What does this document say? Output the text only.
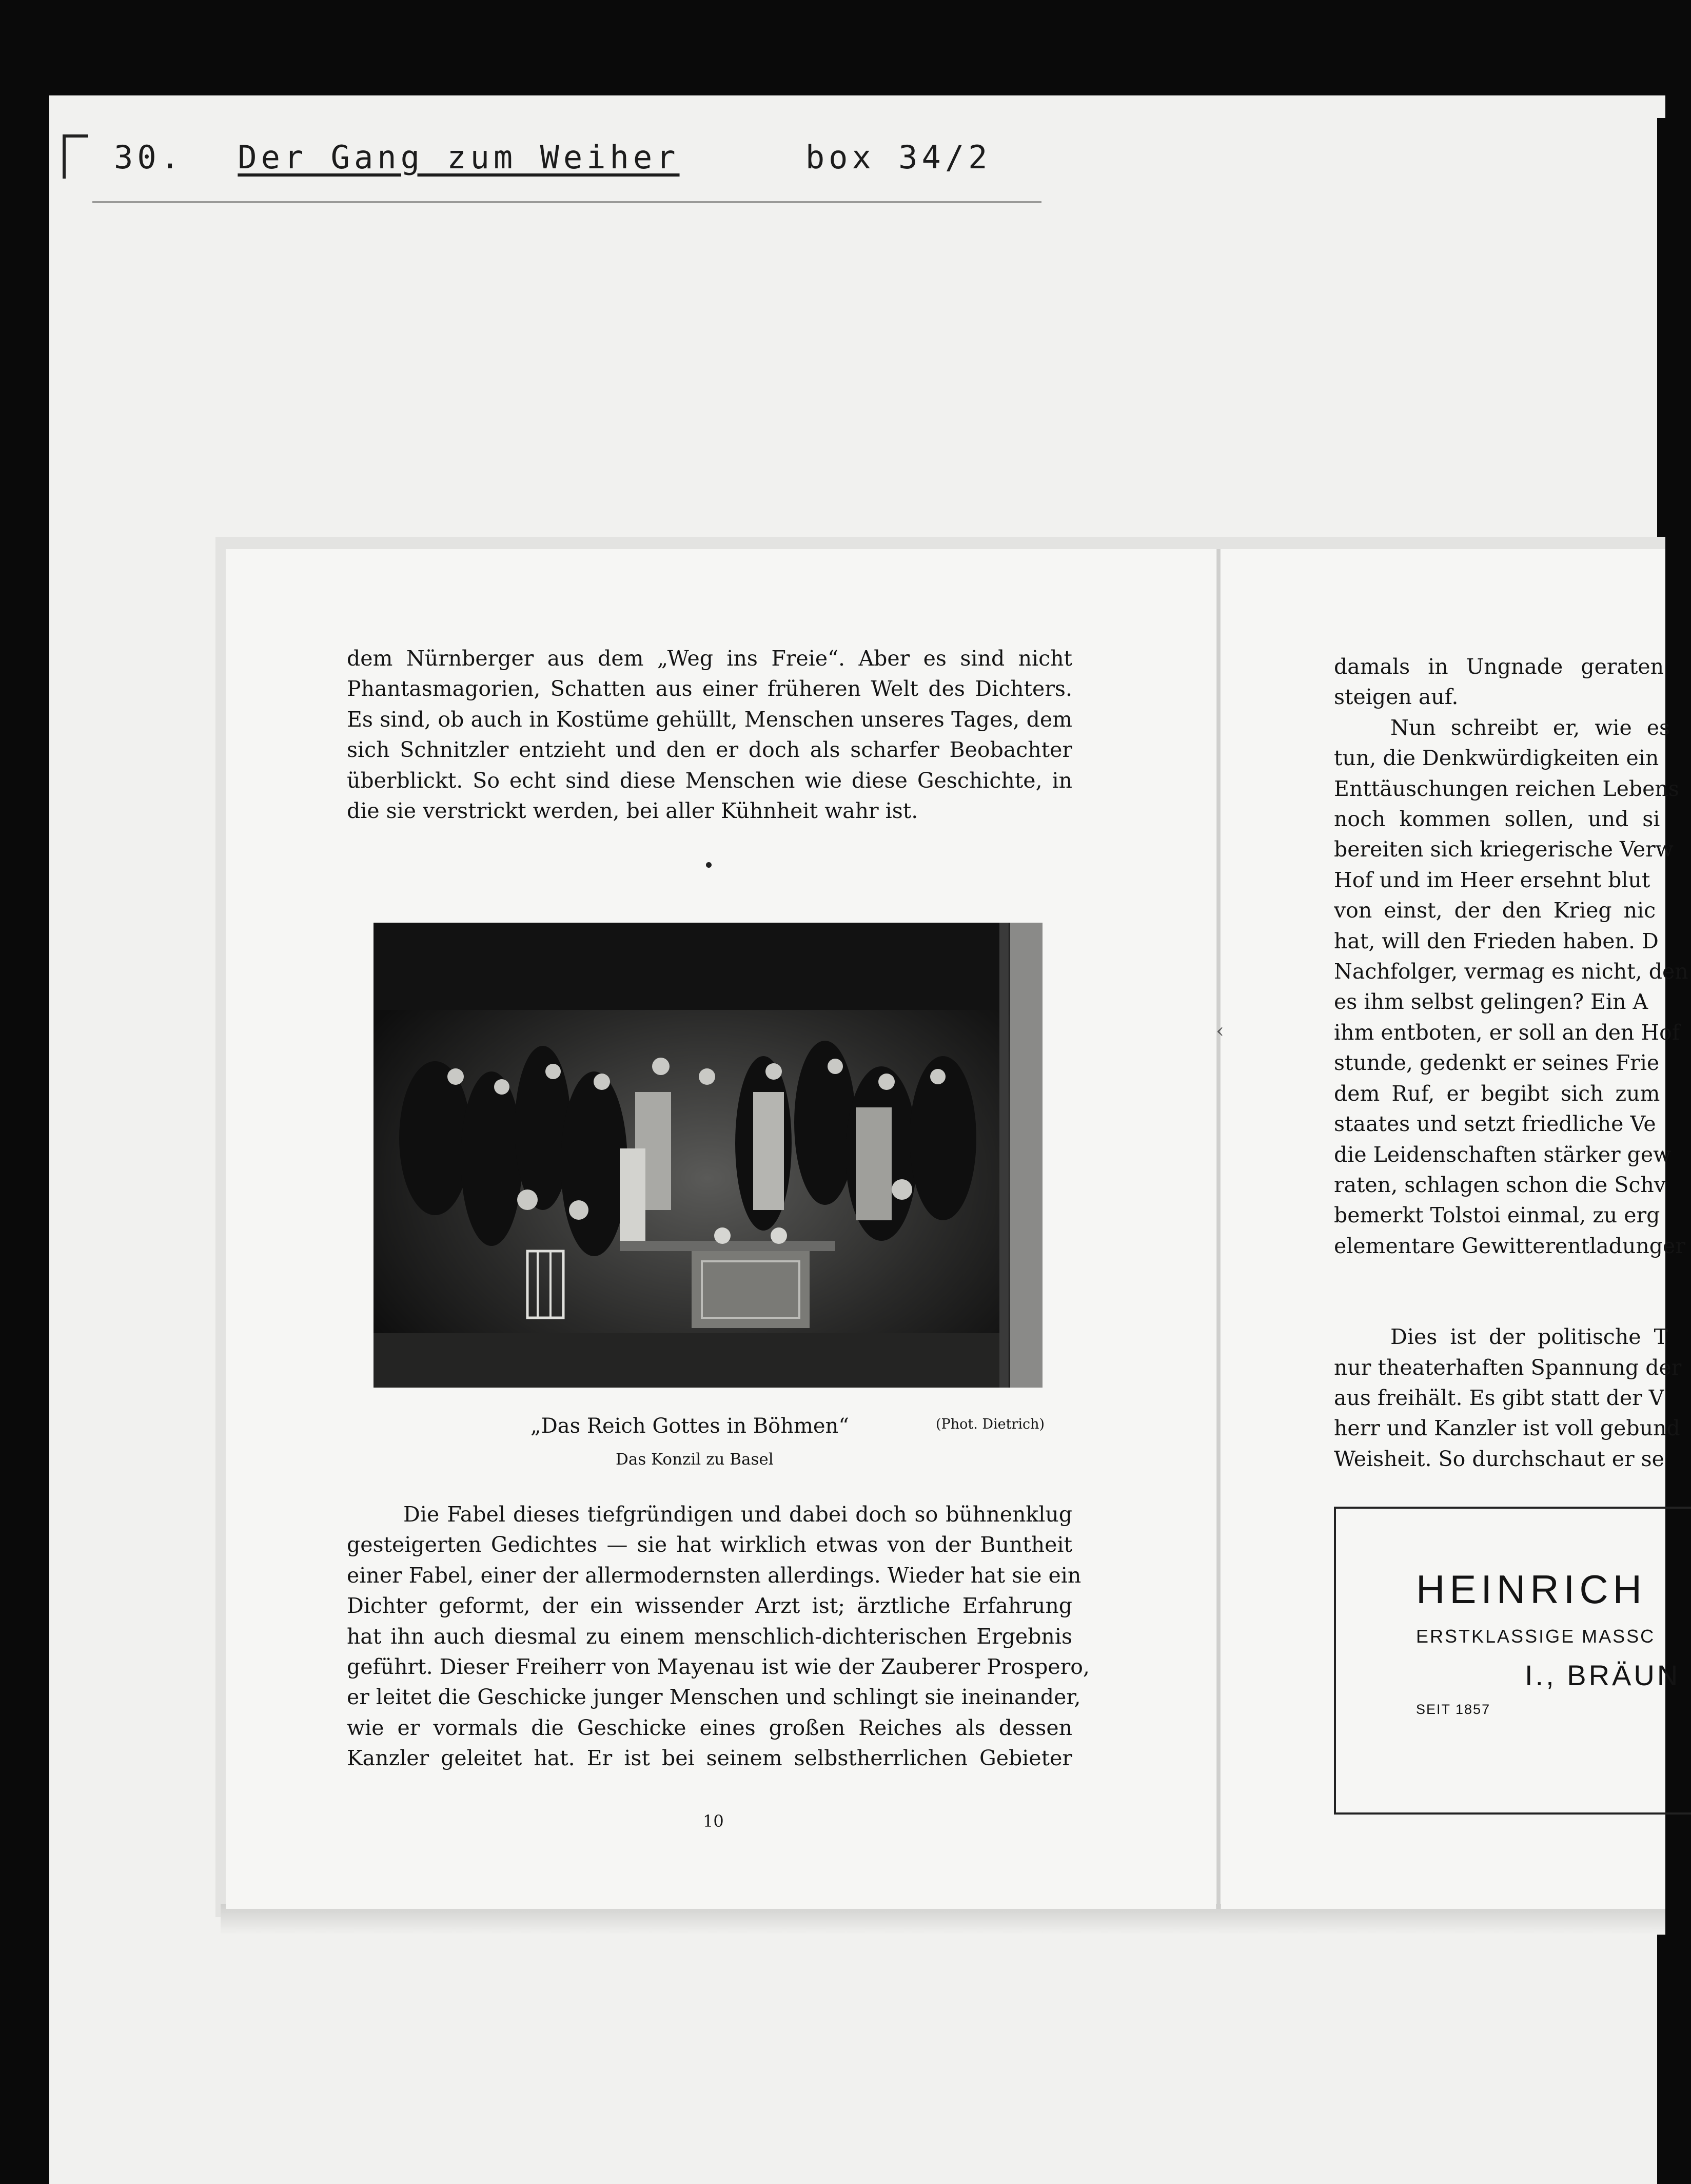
30. Der Gang zum Weiher	box 34/2
dem Nürnberger aus dem „Weg ins Freie“. Aber es sind nicht
Phantasmagorien, Schatten aus einer früheren Welt des Dichters.
Es sind, ob auch in Kostüme gehüllt, Menschen unseres Tages, dem
sich Schnitzler entzieht und den er doch als scharfer Beobachter
überblickt. So echt sind diese Menschen wie diese Geschichte, in
die sie verstrickt werden, bei aller Kühnheit wahr ist.
„Das Reich Gottes in Böhmen“	(Phot. Dietrich)
Das Konzil zu Basel
Die Fabel dieses tiefgründigen und dabei doch so bühnenklug
gesteigerten Gedichtes — sie hat wirklich etwas von der Buntheit
einer Fabel, einer der allermodernsten allerdings. Wieder hat sie ein
Dichter geformt, der ein wissender Arzt ist; ärztliche Erfahrung
hat ihn auch diesmal zu einem menschlich-dichterischen Ergebnis
geführt. Dieser Freiherr von Mayenau ist wie der Zauberer Prospero,
er leitet die Geschicke junger Menschen und schlingt sie ineinander,
wie er vormals die Geschicke eines großen Reiches als dessen
Kanzler geleitet hat. Er ist bei seinem selbstherrlichen Gebieter
10
‹
damals in Ungnade geraten
steigen auf.
Nun schreibt er, wie es
tun, die Denkwürdigkeiten ein
Enttäuschungen reichen Lebens
noch kommen sollen, und si
bereiten sich kriegerische Verw
Hof und im Heer ersehnt blut
von einst, der den Krieg nic
hat, will den Frieden haben. D
Nachfolger, vermag es nicht, den
es ihm selbst gelingen? Ein A
ihm entboten, er soll an den Hof
stunde, gedenkt er seines Frie
dem Ruf, er begibt sich zum
staates und setzt friedliche Ve
die Leidenschaften stärker gew
raten, schlagen schon die Schv
bemerkt Tolstoi einmal, zu erg
elementare Gewitterentladunger
Dies ist der politische T
nur theaterhaften Spannung der
aus freihält. Es gibt statt der V
herr und Kanzler ist voll gebund
Weisheit. So durchschaut er se
HEINRICH
ERSTKLASSIGE MASSC
I., BRÄUN
SEIT 1857
